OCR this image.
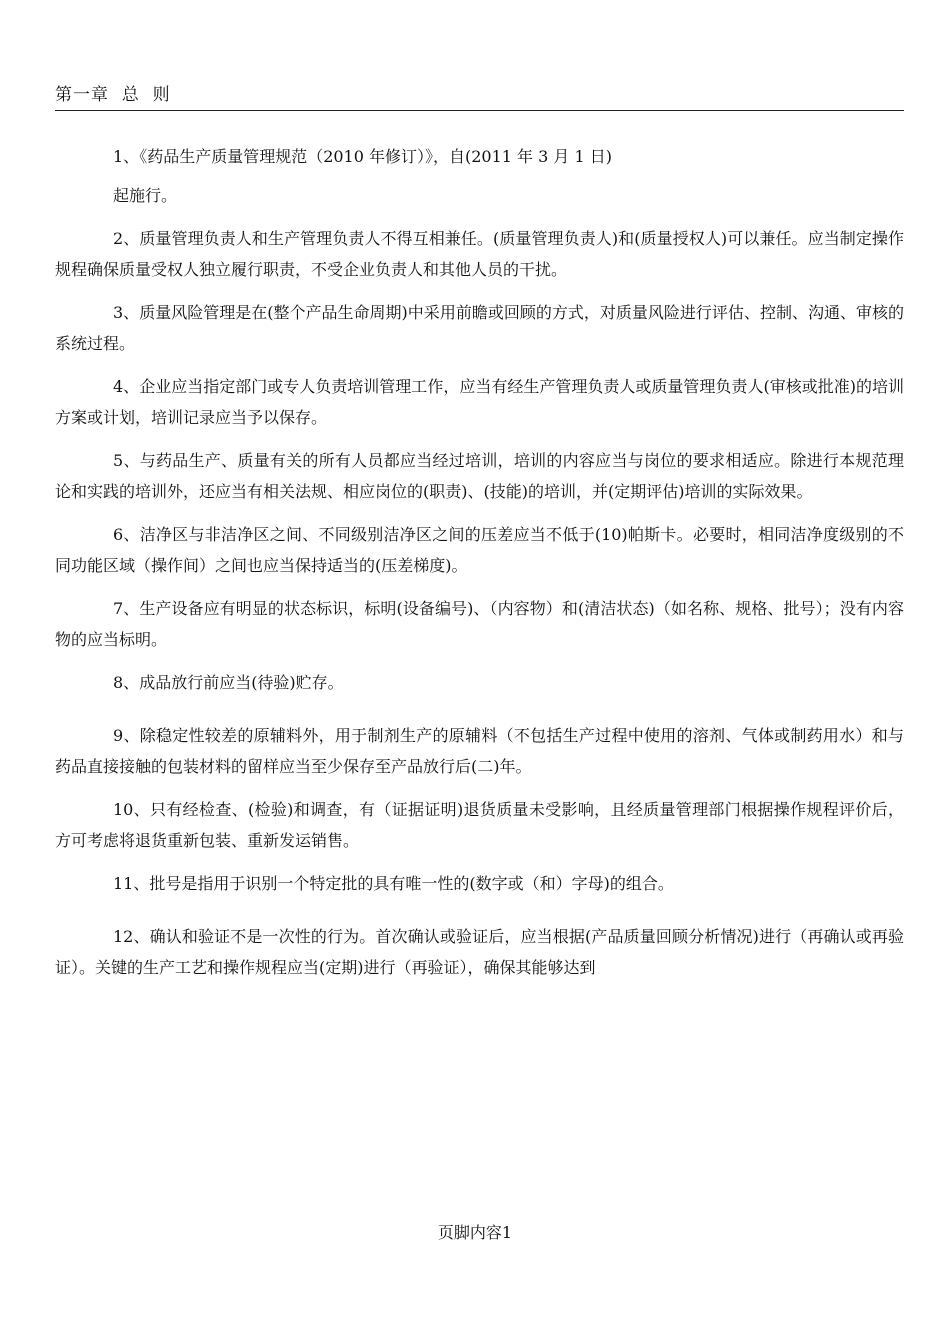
第一章  总  则

1、《药品生产质量管理规范（2010 年修订）》，自(2011 年 3 月 1 日)

起施行。

2、质量管理负责人和生产管理负责人不得互相兼任。(质量管理负责人)和(质量授权人)可以兼任。应当制定操作规程确保质量受权人独立履行职责，不受企业负责人和其他人员的干扰。

3、质量风险管理是在(整个产品生命周期)中采用前瞻或回顾的方式，对质量风险进行评估、控制、沟通、审核的系统过程。

4、企业应当指定部门或专人负责培训管理工作，应当有经生产管理负责人或质量管理负责人(审核或批准)的培训方案或计划，培训记录应当予以保存。

5、与药品生产、质量有关的所有人员都应当经过培训，培训的内容应当与岗位的要求相适应。除进行本规范理论和实践的培训外，还应当有相关法规、相应岗位的(职责)、(技能)的培训，并(定期评估)培训的实际效果。

6、洁净区与非洁净区之间、不同级别洁净区之间的压差应当不低于(10)帕斯卡。必要时，相同洁净度级别的不同功能区域（操作间）之间也应当保持适当的(压差梯度)。

7、生产设备应有明显的状态标识，标明(设备编号)、（内容物）和(清洁状态)（如名称、规格、批号）；没有内容物的应当标明。

8、成品放行前应当(待验)贮存。

9、除稳定性较差的原辅料外，用于制剂生产的原辅料（不包括生产过程中使用的溶剂、气体或制药用水）和与药品直接接触的包装材料的留样应当至少保存至产品放行后(二)年。

10、只有经检查、(检验)和调查，有（证据证明)退货质量未受影响，且经质量管理部门根据操作规程评价后，方可考虑将退货重新包装、重新发运销售。

11、批号是指用于识别一个特定批的具有唯一性的(数字或（和）字母)的组合。

12、确认和验证不是一次性的行为。首次确认或验证后，应当根据(产品质量回顾分析情况)进行（再确认或再验证）。关键的生产工艺和操作规程应当(定期)进行（再验证），确保其能够达到

页脚内容1
